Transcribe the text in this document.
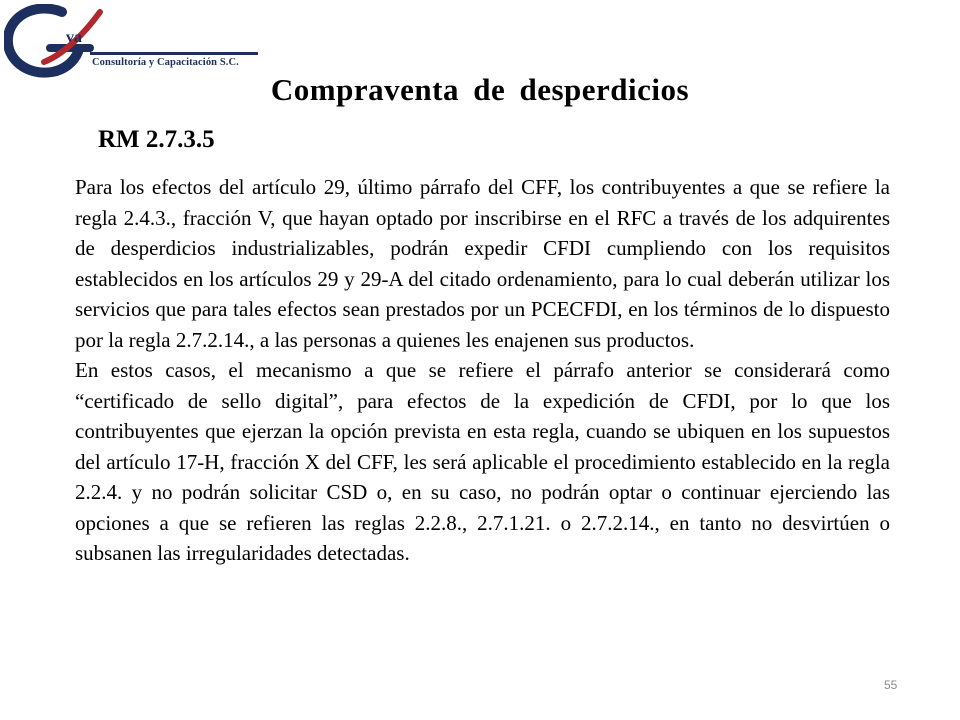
va
Consultoría y Capacitación S.C.
Compraventa de desperdicios
RM 2.7.3.5

Para los efectos del artículo 29, último párrafo del CFF, los contribuyentes a que se refiere la regla 2.4.3., fracción V, que hayan optado por inscribirse en el RFC a través de los adquirentes de desperdicios industrializables, podrán expedir CFDI cumpliendo con los requisitos establecidos en los artículos 29 y 29-A del citado ordenamiento, para lo cual deberán utilizar los servicios que para tales efectos sean prestados por un PCECFDI, en los términos de lo dispuesto por la regla 2.7.2.14., a las personas a quienes les enajenen sus productos.

En estos casos, el mecanismo a que se refiere el párrafo anterior se considerará como “certificado de sello digital”, para efectos de la expedición de CFDI, por lo que los contribuyentes que ejerzan la opción prevista en esta regla, cuando se ubiquen en los supuestos del artículo 17-H, fracción X del CFF, les será aplicable el procedimiento establecido en la regla 2.2.4. y no podrán solicitar CSD o, en su caso, no podrán optar o continuar ejerciendo las opciones a que se refieren las reglas 2.2.8., 2.7.1.21. o 2.7.2.14., en tanto no desvirtúen o subsanen las irregularidades detectadas.

55
